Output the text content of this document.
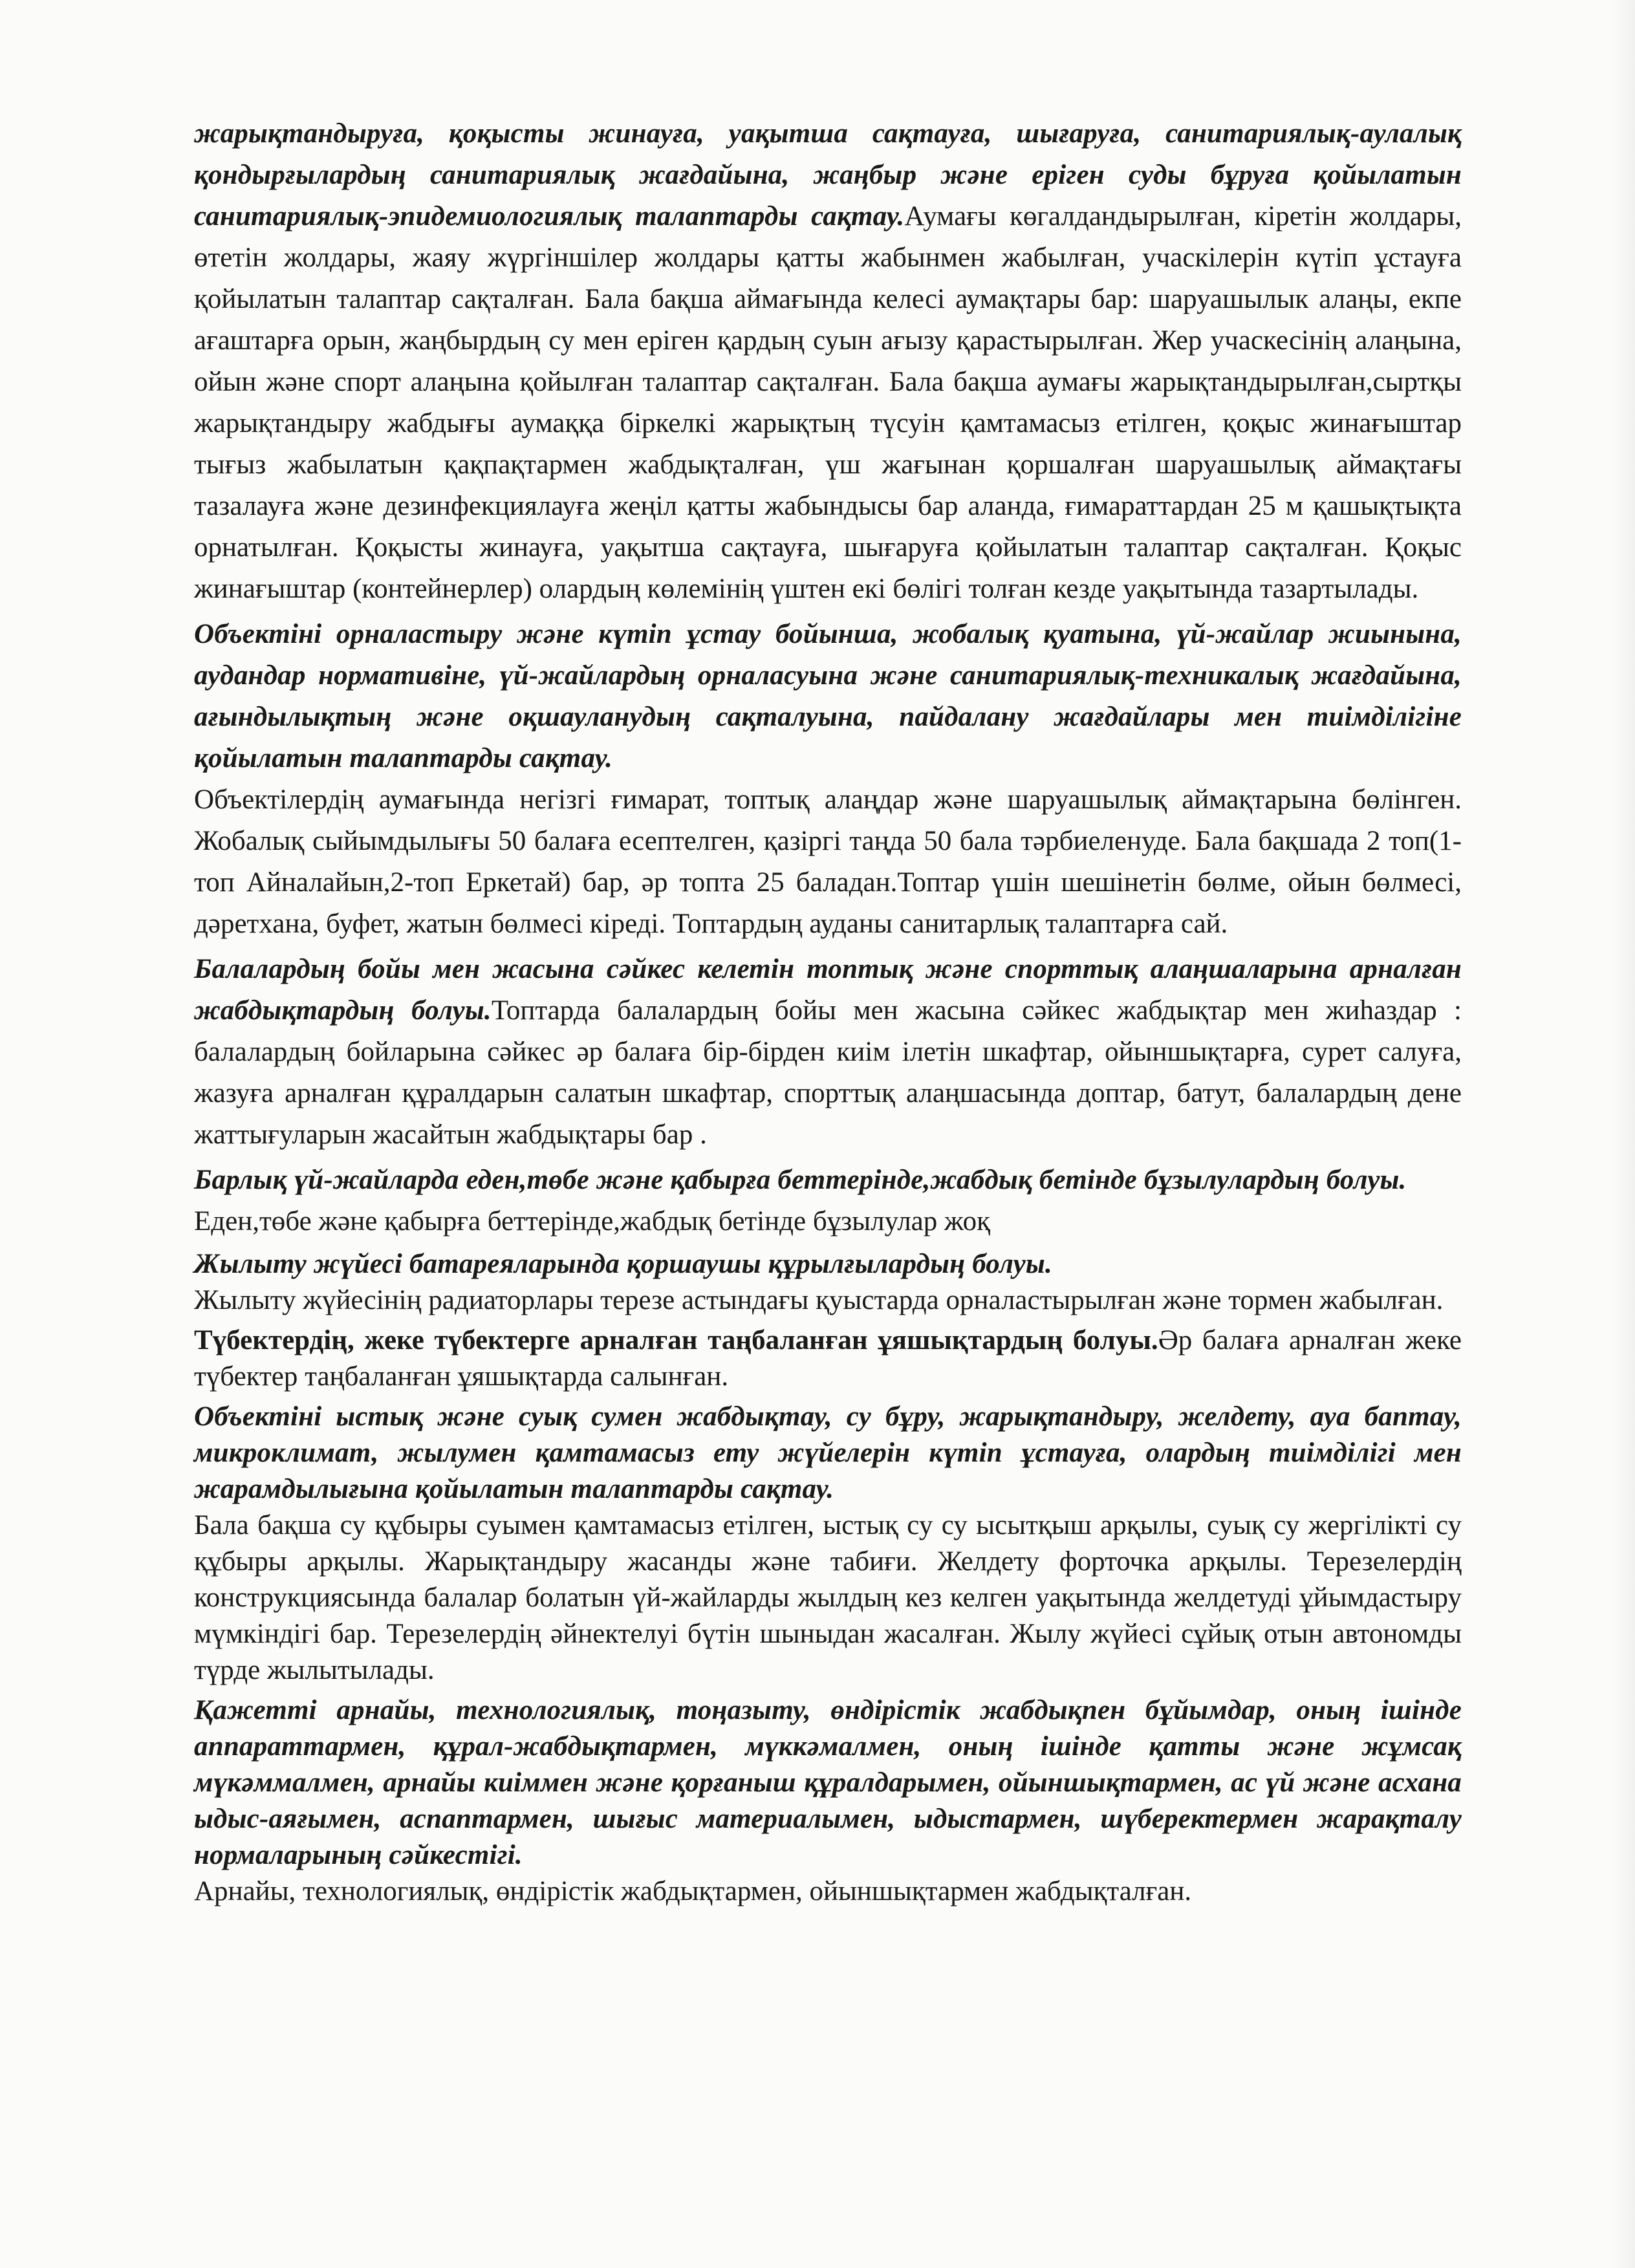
жарықтандыруға, қоқысты жинауға, уақытша сақтауға, шығаруға, санитариялық-аулалық қондырғылардың санитариялық жағдайына, жаңбыр және еріген суды бұруға қойылатын санитариялық-эпидемиологиялық талаптарды сақтау.Аумағы көгалдандырылған, кіретін жолдары, өтетін жолдары, жаяу жүргіншілер жолдары қатты жабынмен жабылған, учаскілерін күтіп ұстауға қойылатын талаптар сақталған. Бала бақша аймағында келесі аумақтары бар: шаруашылык алаңы, екпе ағаштарға орын, жаңбырдың су мен еріген қардың суын ағызу қарастырылған. Жер учаскесінің алаңына, ойын және спорт алаңына қойылған талаптар сақталған. Бала бақша аумағы жарықтандырылған,сыртқы жарықтандыру жабдығы аумаққа біркелкі жарықтың түсуін қамтамасыз етілген, қоқыс жинағыштар тығыз жабылатын қақпақтармен жабдықталған, үш жағынан қоршалған шаруашылық аймақтағы тазалауға және дезинфекциялауға жеңіл қатты жабындысы бар аланда, ғимараттардан 25 м қашықтықта орнатылған. Қоқысты жинауға, уақытша сақтауға, шығаруға қойылатын талаптар сақталған. Қоқыс жинағыштар (контейнерлер) олардың көлемінің үштен екі бөлігі толған кезде уақытында тазартылады.

Объектіні орналастыру және күтіп ұстау бойынша, жобалық қуатына, үй-жайлар жиынына, аудандар нормативіне, үй-жайлардың орналасуына және санитариялық-техникалық жағдайына, ағындылықтың және оқшауланудың сақталуына, пайдалану жағдайлары мен тиімділігіне қойылатын талаптарды сақтау.
Объектілердің аумағында негізгі ғимарат, топтық алаңдар және шаруашылық аймақтарына бөлінген. Жобалық сыйымдылығы 50 балаға есептелген, қазіргі таңда 50 бала тәрбиеленуде. Бала бақшада 2 топ(1-топ Айналайын,2-топ Еркетай) бар, әр топта 25 баладан.Топтар үшін шешінетін бөлме, ойын бөлмесі, дәретхана, буфет, жатын бөлмесі кіреді. Топтардың ауданы санитарлық талаптарға сай.

Балалардың бойы мен жасына сәйкес келетін топтық және спорттық алаңшаларына арналған жабдықтардың болуы.Топтарда балалардың бойы мен жасына сәйкес жабдықтар мен жиһаздар : балалардың бойларына сәйкес әр балаға бір-бірден киім ілетін шкафтар, ойыншықтарға, сурет салуға, жазуға арналған құралдарын салатын шкафтар, спорттық алаңшасында доптар, батут, балалардың дене жаттығуларын жасайтын жабдықтары бар .

Барлық үй-жайларда еден,төбе және қабырға беттерінде,жабдық бетінде бұзылулардың болуы.
Еден,төбе және қабырға беттерінде,жабдық бетінде бұзылулар жоқ

Жылыту жүйесі батареяларында қоршаушы құрылғылардың болуы.
Жылыту жүйесінің радиаторлары терезе астындағы қуыстарда орналастырылған және тормен жабылған.

Түбектердің, жеке түбектерге арналған таңбаланған ұяшықтардың болуы.Әр балаға арналған жеке түбектер таңбаланған ұяшықтарда салынған.

Объектіні ыстық және суық сумен жабдықтау, су бұру, жарықтандыру, желдету, ауа баптау, микроклимат, жылумен қамтамасыз ету жүйелерін күтіп ұстауға, олардың тиімділігі мен жарамдылығына қойылатын талаптарды сақтау.
Бала бақша су құбыры суымен қамтамасыз етілген, ыстық су су ысытқыш арқылы, суық су жергілікті су құбыры арқылы. Жарықтандыру жасанды және табиғи. Желдету форточка арқылы. Терезелердің конструкциясында балалар болатын үй-жайларды жылдың кез келген уақытында желдетуді ұйымдастыру мүмкіндігі бар. Терезелердің әйнектелуі бүтін шыныдан жасалған. Жылу жүйесі сұйық отын автономды түрде жылытылады.

Қажетті арнайы, технологиялық, тоңазыту, өндірістік жабдықпен бұйымдар, оның ішінде аппараттармен, құрал-жабдықтармен, мүккәмалмен, оның ішінде қатты және жұмсақ мүкәммалмен, арнайы киіммен және қорғаныш құралдарымен, ойыншықтармен, ас үй және асхана ыдыс-аяғымен, аспаптармен, шығыс материалымен, ыдыстармен, шүберектермен жарақталу нормаларының сәйкестігі.
Арнайы, технологиялық, өндірістік жабдықтармен, ойыншықтармен жабдықталған.
